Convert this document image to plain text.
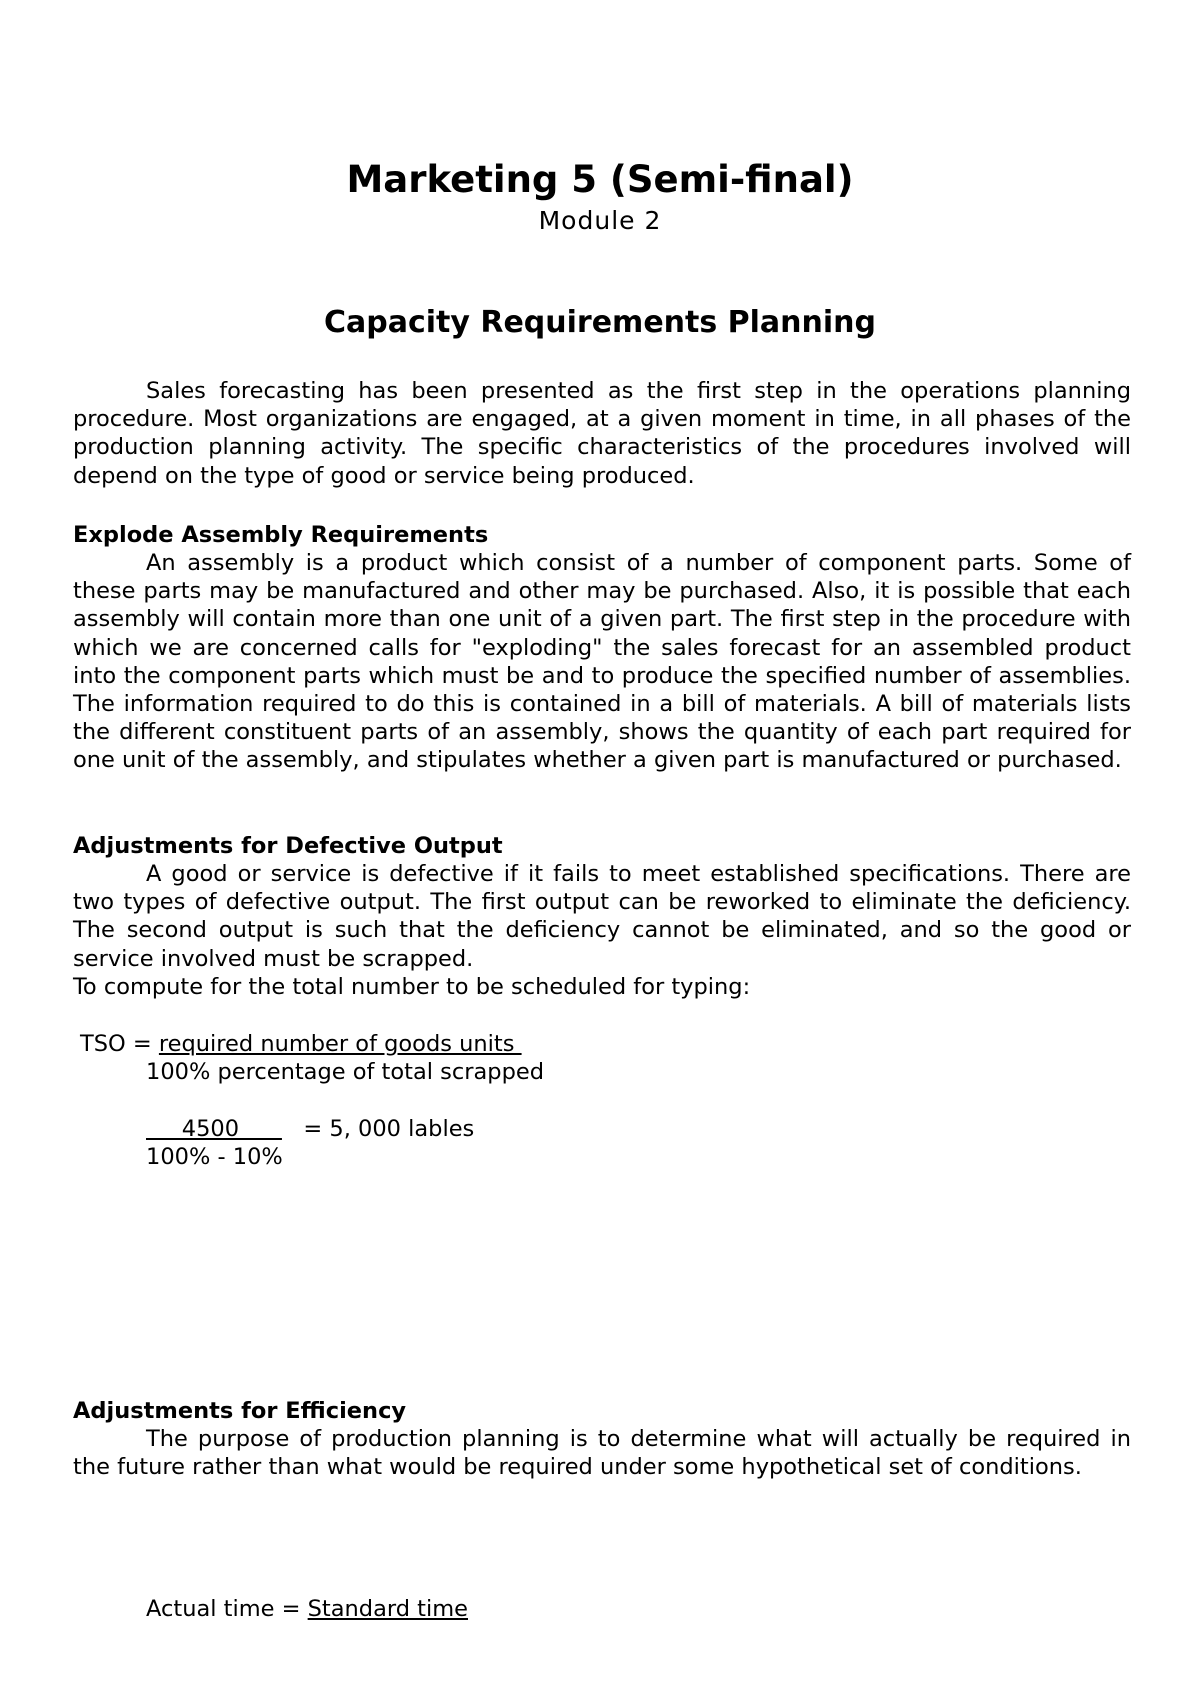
Marketing 5 (Semi-final)
Module 2
Capacity Requirements Planning

Sales forecasting has been presented as the first step in the operations planning procedure. Most organizations are engaged, at a given moment in time, in all phases of the production planning activity. The specific characteristics of the procedures involved will depend on the type of good or service being produced.

Explode Assembly Requirements

An assembly is a product which consist of a number of component parts. Some of these parts may be manufactured and other may be purchased. Also, it is possible that each assembly will contain more than one unit of a given part. The first step in the procedure with which we are concerned calls for "exploding" the sales forecast for an assembled product into the component parts which must be and to produce the specified number of assemblies. The information required to do this is contained in a bill of materials. A bill of materials lists the different constituent parts of an assembly, shows the quantity of each part required for one unit of the assembly, and stipulates whether a given part is manufactured or purchased.

Adjustments for Defective Output

A good or service is defective if it fails to meet established specifications. There are two types of defective output. The first output can be reworked to eliminate the deficiency. The second output is such that the deficiency cannot be eliminated, and so the good or service involved must be scrapped.

To compute for the total number to be scheduled for typing:
TSO = required number of goods units
100% percentage of total scrapped
4500         = 5, 000 lables
100% - 10%
Adjustments for Efficiency

The purpose of production planning is to determine what will actually be required in the future rather than what would be required under some hypothetical set of conditions.

Actual time = Standard time
